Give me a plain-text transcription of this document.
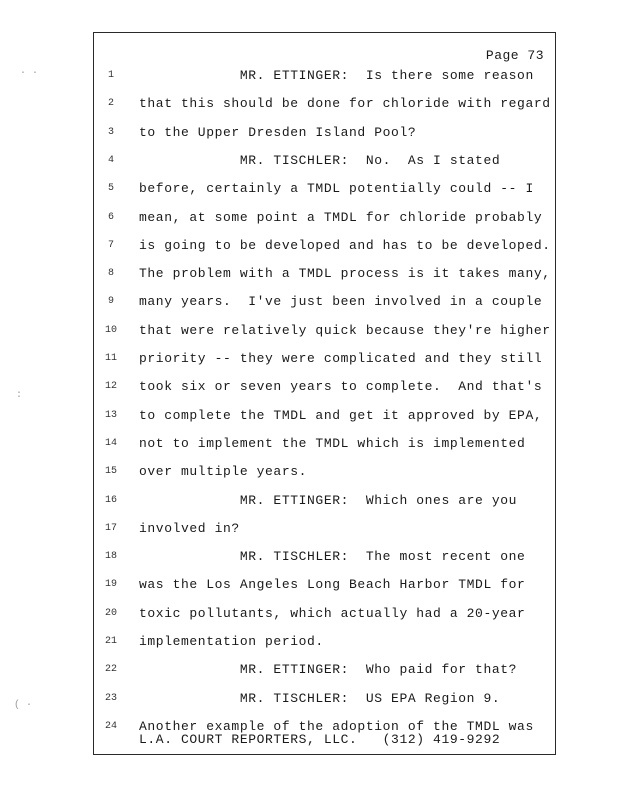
Page 73
1	MR. ETTINGER:  Is there some reason
2	that this should be done for chloride with regard
3	to the Upper Dresden Island Pool?
4	MR. TISCHLER:  No.  As I stated
5	before, certainly a TMDL potentially could -- I
6	mean, at some point a TMDL for chloride probably
7	is going to be developed and has to be developed.
8	The problem with a TMDL process is it takes many,
9	many years.  I've just been involved in a couple
10	that were relatively quick because they're higher
11	priority -- they were complicated and they still
12	took six or seven years to complete.  And that's
13	to complete the TMDL and get it approved by EPA,
14	not to implement the TMDL which is implemented
15	over multiple years.
16	MR. ETTINGER:  Which ones are you
17	involved in?
18	MR. TISCHLER:  The most recent one
19	was the Los Angeles Long Beach Harbor TMDL for
20	toxic pollutants, which actually had a 20-year
21	implementation period.
22	MR. ETTINGER:  Who paid for that?
23	MR. TISCHLER:  US EPA Region 9.
24	Another example of the adoption of the TMDL was
L.A. COURT REPORTERS, LLC.   (312) 419-9292
· ·
:
( ·
